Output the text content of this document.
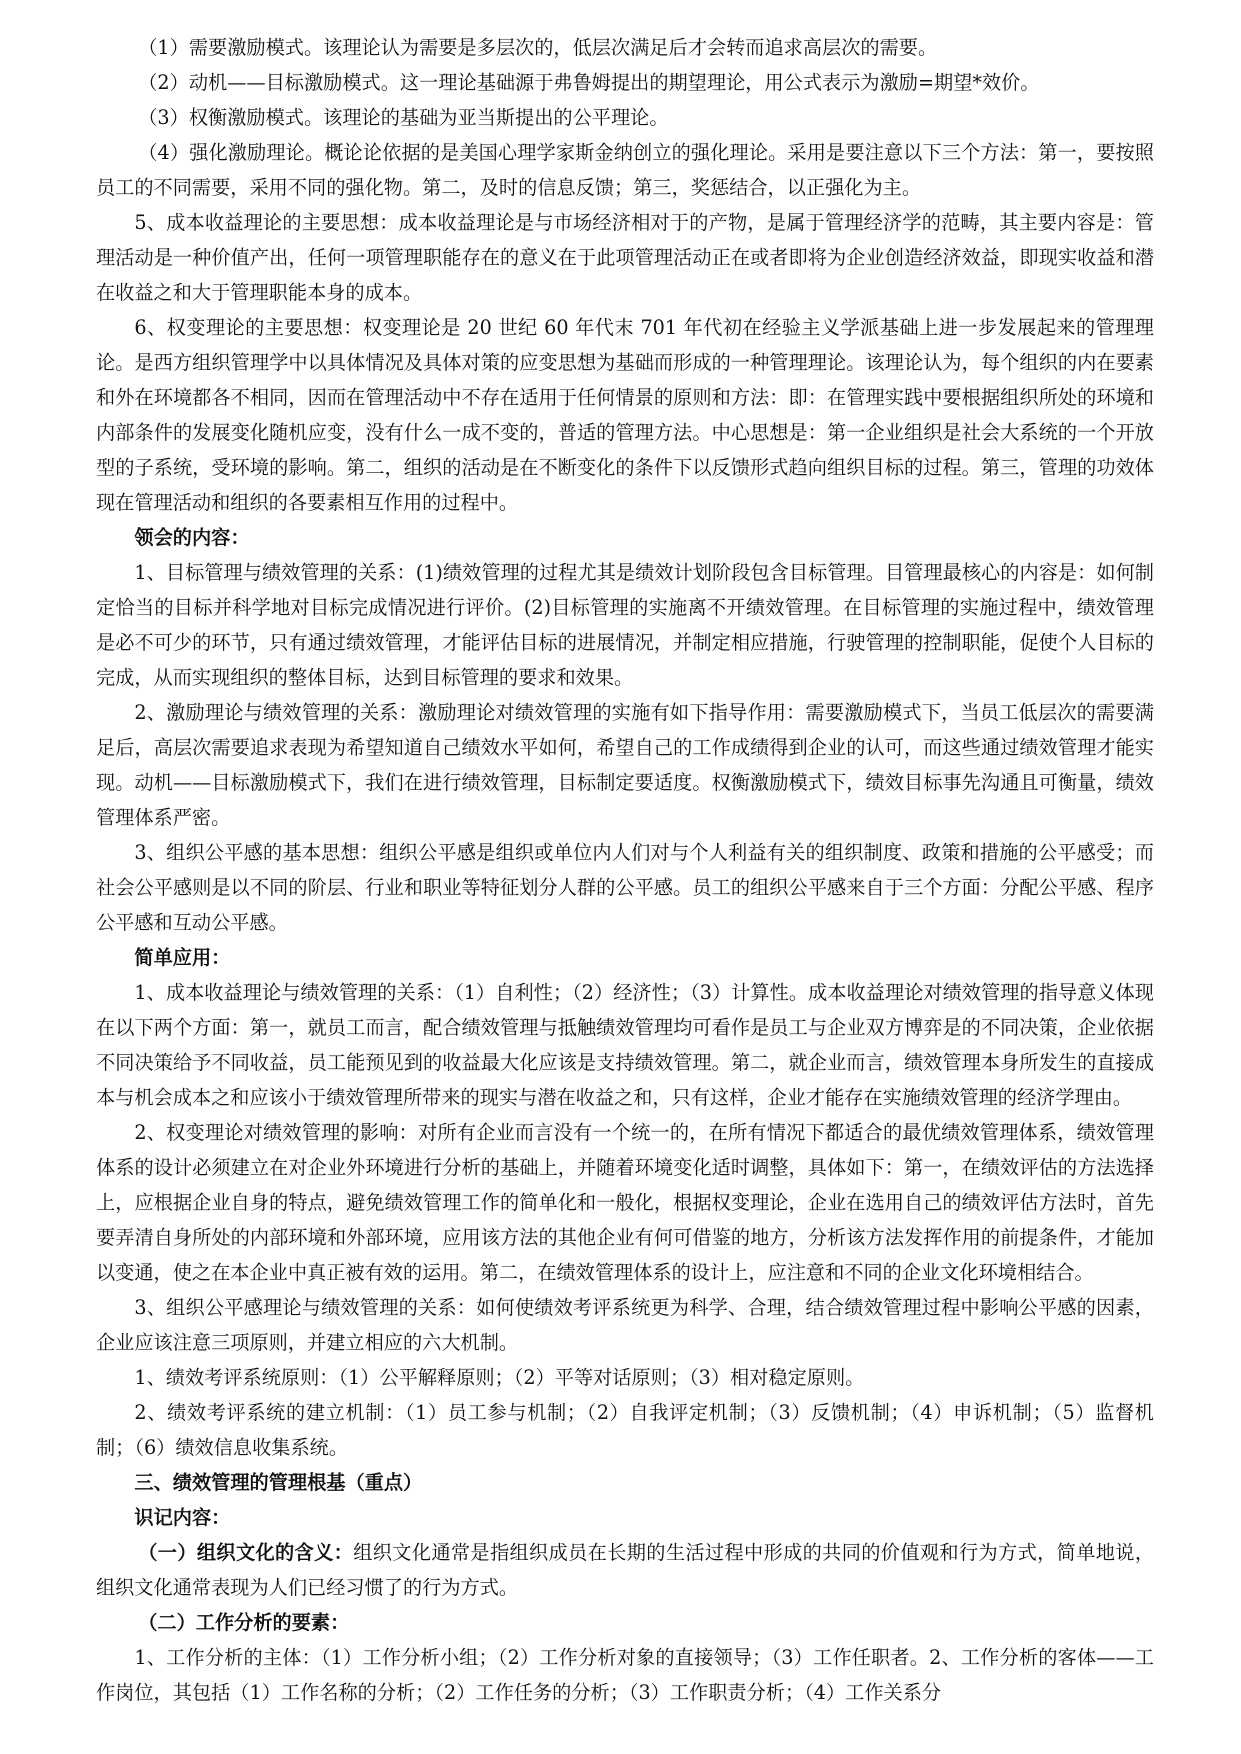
（1）需要激励模式。该理论认为需要是多层次的，低层次满足后才会转而追求高层次的需要。

（2）动机——目标激励模式。这一理论基础源于弗鲁姆提出的期望理论，用公式表示为激励=期望*效价。

（3）权衡激励模式。该理论的基础为亚当斯提出的公平理论。

（4）强化激励理论。概论论依据的是美国心理学家斯金纳创立的强化理论。采用是要注意以下三个方法：第一，要按照员工的不同需要，采用不同的强化物。第二，及时的信息反馈；第三，奖惩结合，以正强化为主。

5、成本收益理论的主要思想：成本收益理论是与市场经济相对于的产物，是属于管理经济学的范畴，其主要内容是：管理活动是一种价值产出，任何一项管理职能存在的意义在于此项管理活动正在或者即将为企业创造经济效益，即现实收益和潜在收益之和大于管理职能本身的成本。

6、权变理论的主要思想：权变理论是 20 世纪 60 年代末 701 年代初在经验主义学派基础上进一步发展起来的管理理论。是西方组织管理学中以具体情况及具体对策的应变思想为基础而形成的一种管理理论。该理论认为，每个组织的内在要素和外在环境都各不相同，因而在管理活动中不存在适用于任何情景的原则和方法：即：在管理实践中要根据组织所处的环境和内部条件的发展变化随机应变，没有什么一成不变的，普适的管理方法。中心思想是：第一企业组织是社会大系统的一个开放型的子系统，受环境的影响。第二，组织的活动是在不断变化的条件下以反馈形式趋向组织目标的过程。第三，管理的功效体现在管理活动和组织的各要素相互作用的过程中。

领会的内容：

1、目标管理与绩效管理的关系：(1)绩效管理的过程尤其是绩效计划阶段包含目标管理。目管理最核心的内容是：如何制定恰当的目标并科学地对目标完成情况进行评价。(2)目标管理的实施离不开绩效管理。在目标管理的实施过程中，绩效管理是必不可少的环节，只有通过绩效管理，才能评估目标的进展情况，并制定相应措施，行驶管理的控制职能，促使个人目标的完成，从而实现组织的整体目标，达到目标管理的要求和效果。

2、激励理论与绩效管理的关系：激励理论对绩效管理的实施有如下指导作用：需要激励模式下，当员工低层次的需要满足后，高层次需要追求表现为希望知道自己绩效水平如何，希望自己的工作成绩得到企业的认可，而这些通过绩效管理才能实现。动机——目标激励模式下，我们在进行绩效管理，目标制定要适度。权衡激励模式下，绩效目标事先沟通且可衡量，绩效管理体系严密。

3、组织公平感的基本思想：组织公平感是组织或单位内人们对与个人利益有关的组织制度、政策和措施的公平感受；而社会公平感则是以不同的阶层、行业和职业等特征划分人群的公平感。员工的组织公平感来自于三个方面：分配公平感、程序公平感和互动公平感。

简单应用：

1、成本收益理论与绩效管理的关系：（1）自利性；（2）经济性；（3）计算性。成本收益理论对绩效管理的指导意义体现在以下两个方面：第一，就员工而言，配合绩效管理与抵触绩效管理均可看作是员工与企业双方博弈是的不同决策，企业依据不同决策给予不同收益，员工能预见到的收益最大化应该是支持绩效管理。第二，就企业而言，绩效管理本身所发生的直接成本与机会成本之和应该小于绩效管理所带来的现实与潜在收益之和，只有这样，企业才能存在实施绩效管理的经济学理由。

2、权变理论对绩效管理的影响：对所有企业而言没有一个统一的，在所有情况下都适合的最优绩效管理体系，绩效管理体系的设计必须建立在对企业外环境进行分析的基础上，并随着环境变化适时调整，具体如下：第一，在绩效评估的方法选择上，应根据企业自身的特点，避免绩效管理工作的简单化和一般化，根据权变理论，企业在选用自己的绩效评估方法时，首先要弄清自身所处的内部环境和外部环境，应用该方法的其他企业有何可借鉴的地方，分析该方法发挥作用的前提条件，才能加以变通，使之在本企业中真正被有效的运用。第二，在绩效管理体系的设计上，应注意和不同的企业文化环境相结合。

3、组织公平感理论与绩效管理的关系：如何使绩效考评系统更为科学、合理，结合绩效管理过程中影响公平感的因素，企业应该注意三项原则，并建立相应的六大机制。

1、绩效考评系统原则：（1）公平解释原则；（2）平等对话原则；（3）相对稳定原则。

2、绩效考评系统的建立机制：（1）员工参与机制；（2）自我评定机制；（3）反馈机制；（4）申诉机制；（5）监督机制；（6）绩效信息收集系统。

三、绩效管理的管理根基（重点）

识记内容：

（一）组织文化的含义：组织文化通常是指组织成员在长期的生活过程中形成的共同的价值观和行为方式，简单地说，组织文化通常表现为人们已经习惯了的行为方式。

（二）工作分析的要素：

1、工作分析的主体：（1）工作分析小组；（2）工作分析对象的直接领导；（3）工作任职者。2、工作分析的客体——工作岗位，其包括（1）工作名称的分析；（2）工作任务的分析；（3）工作职责分析；（4）工作关系分
